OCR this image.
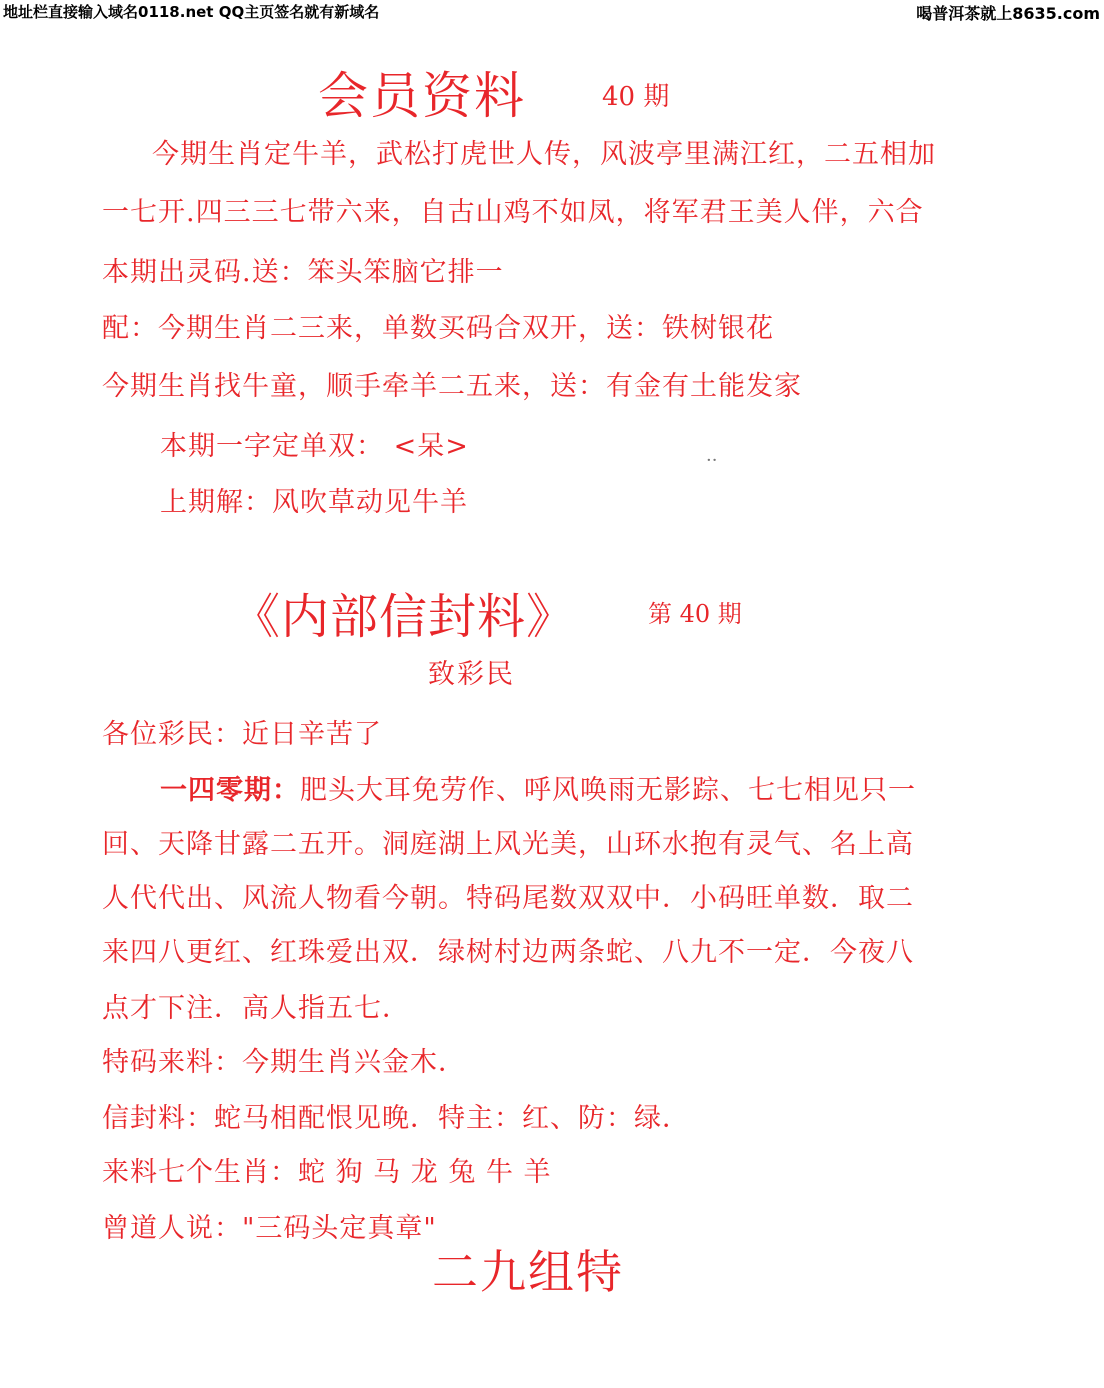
地址栏直接输入域名0118.net QQ主页签名就有新域名	喝普洱茶就上8635.com
会员资料	40 期
今期生肖定牛羊，武松打虎世人传，风波亭里满江红，二五相加
一七开.四三三七带六来，自古山鸡不如凤，将军君王美人伴，六合
本期出灵码.送：笨头笨脑它排一
配：今期生肖二三来，单数买码合双开，送：铁树银花
今期生肖找牛童，顺手牵羊二五来，送：有金有土能发家
本期一字定单双： <呆>	··
上期解：风吹草动见牛羊
《内部信封料》	第 40 期
致彩民
各位彩民：近日辛苦了
一四零期：肥头大耳免劳作、呼风唤雨无影踪、七七相见只一
回、天降甘露二五开。洞庭湖上风光美，山环水抱有灵气、名上高
人代代出、风流人物看今朝。特码尾数双双中．小码旺单数．取二
来四八更红、红珠爱出双．绿树村边两条蛇、八九不一定．今夜八
点才下注．高人指五七．
特码来料：今期生肖兴金木．
信封料：蛇马相配恨见晚．特主：红、防：绿．
来料七个生肖：蛇 狗 马 龙 兔 牛 羊
曾道人说："三码头定真章"
二九组特
